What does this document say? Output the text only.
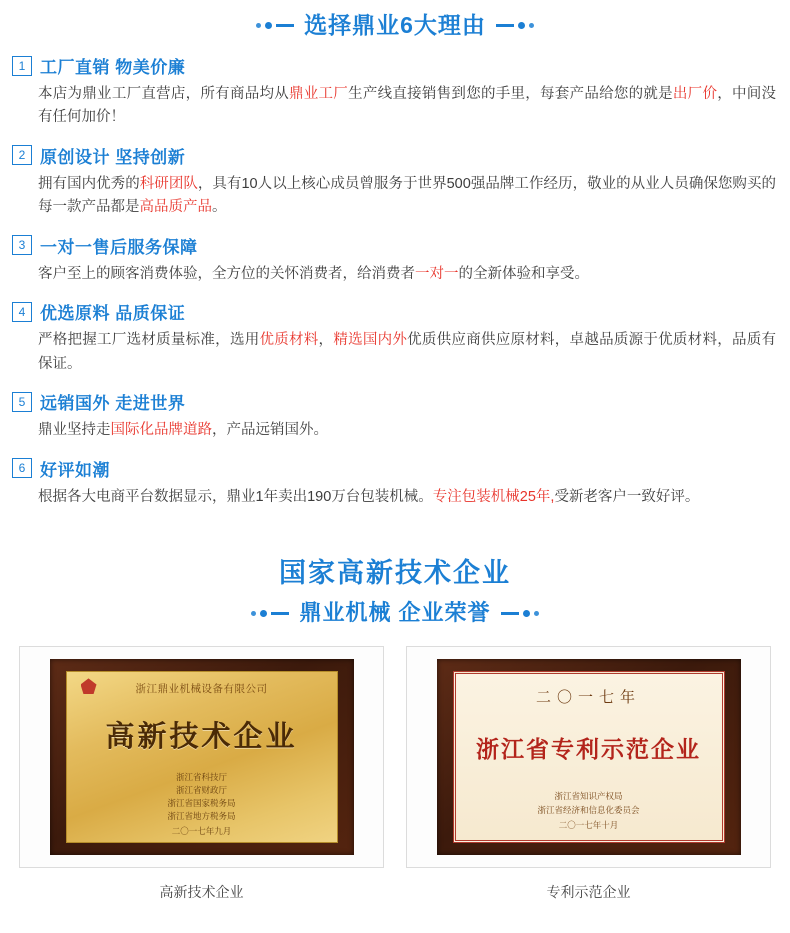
选择鼎业6大理由
1 工厂直销 物美价廉

本店为鼎业工厂直营店，所有商品均从鼎业工厂生产线直接销售到您的手里，每套产品给您的就是出厂价，中间没有任何加价！

2 原创设计 坚持创新

拥有国内优秀的科研团队，具有10人以上核心成员曾服务于世界500强品牌工作经历，敬业的从业人员确保您购买的每一款产品都是高品质产品。

3 一对一售后服务保障

客户至上的顾客消费体验，全方位的关怀消费者，给消费者一对一的全新体验和享受。

4 优选原料 品质保证

严格把握工厂选材质量标准，选用优质材料，精选国内外优质供应商供应原材料，卓越品质源于优质材料，品质有保证。

5 远销国外 走进世界

鼎业坚持走国际化品牌道路，产品远销国外。

6 好评如潮

根据各大电商平台数据显示，鼎业1年卖出190万台包装机械。专注包装机械25年,受新老客户一致好评。

国家高新技术企业
鼎业机械 企业荣誉
浙江鼎业机械设备有限公司
高新技术企业
浙江省科技厅
浙江省财政厅
浙江省国家税务局
浙江省地方税务局
二〇一七年九月
高新技术企业
二〇一七年
浙江省专利示范企业
浙江省知识产权局
浙江省经济和信息化委员会
二〇一七年十月
专利示范企业
